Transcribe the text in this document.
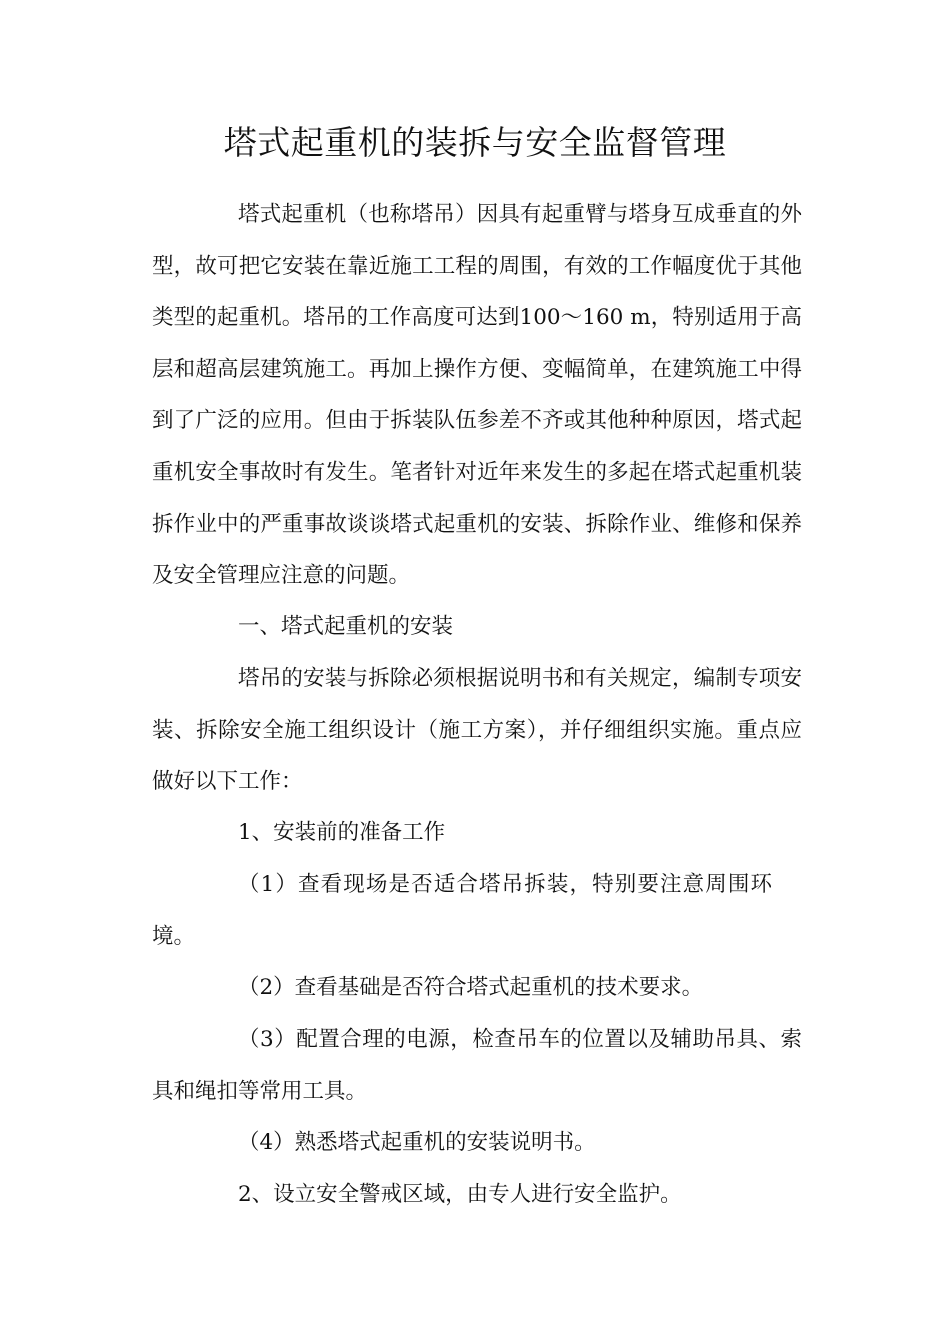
塔式起重机的装拆与安全监督管理
塔式起重机（也称塔吊）因具有起重臂与塔身互成垂直的外型，故可把它安装在靠近施工工程的周围，有效的工作幅度优于其他类型的起重机。塔吊的工作高度可达到100～160 m，特别适用于高层和超高层建筑施工。再加上操作方便、变幅简单，在建筑施工中得到了广泛的应用。但由于拆装队伍参差不齐或其他种种原因，塔式起重机安全事故时有发生。笔者针对近年来发生的多起在塔式起重机装拆作业中的严重事故谈谈塔式起重机的安装、拆除作业、维修和保养及安全管理应注意的问题。
一、塔式起重机的安装
塔吊的安装与拆除必须根据说明书和有关规定，编制专项安装、拆除安全施工组织设计（施工方案），并仔细组织实施。重点应做好以下工作：
1、安装前的准备工作
（1）查看现场是否适合塔吊拆装，特别要注意周围环境。
（2）查看基础是否符合塔式起重机的技术要求。
（3）配置合理的电源，检查吊车的位置以及辅助吊具、索具和绳扣等常用工具。
（4）熟悉塔式起重机的安装说明书。
2、设立安全警戒区域，由专人进行安全监护。
